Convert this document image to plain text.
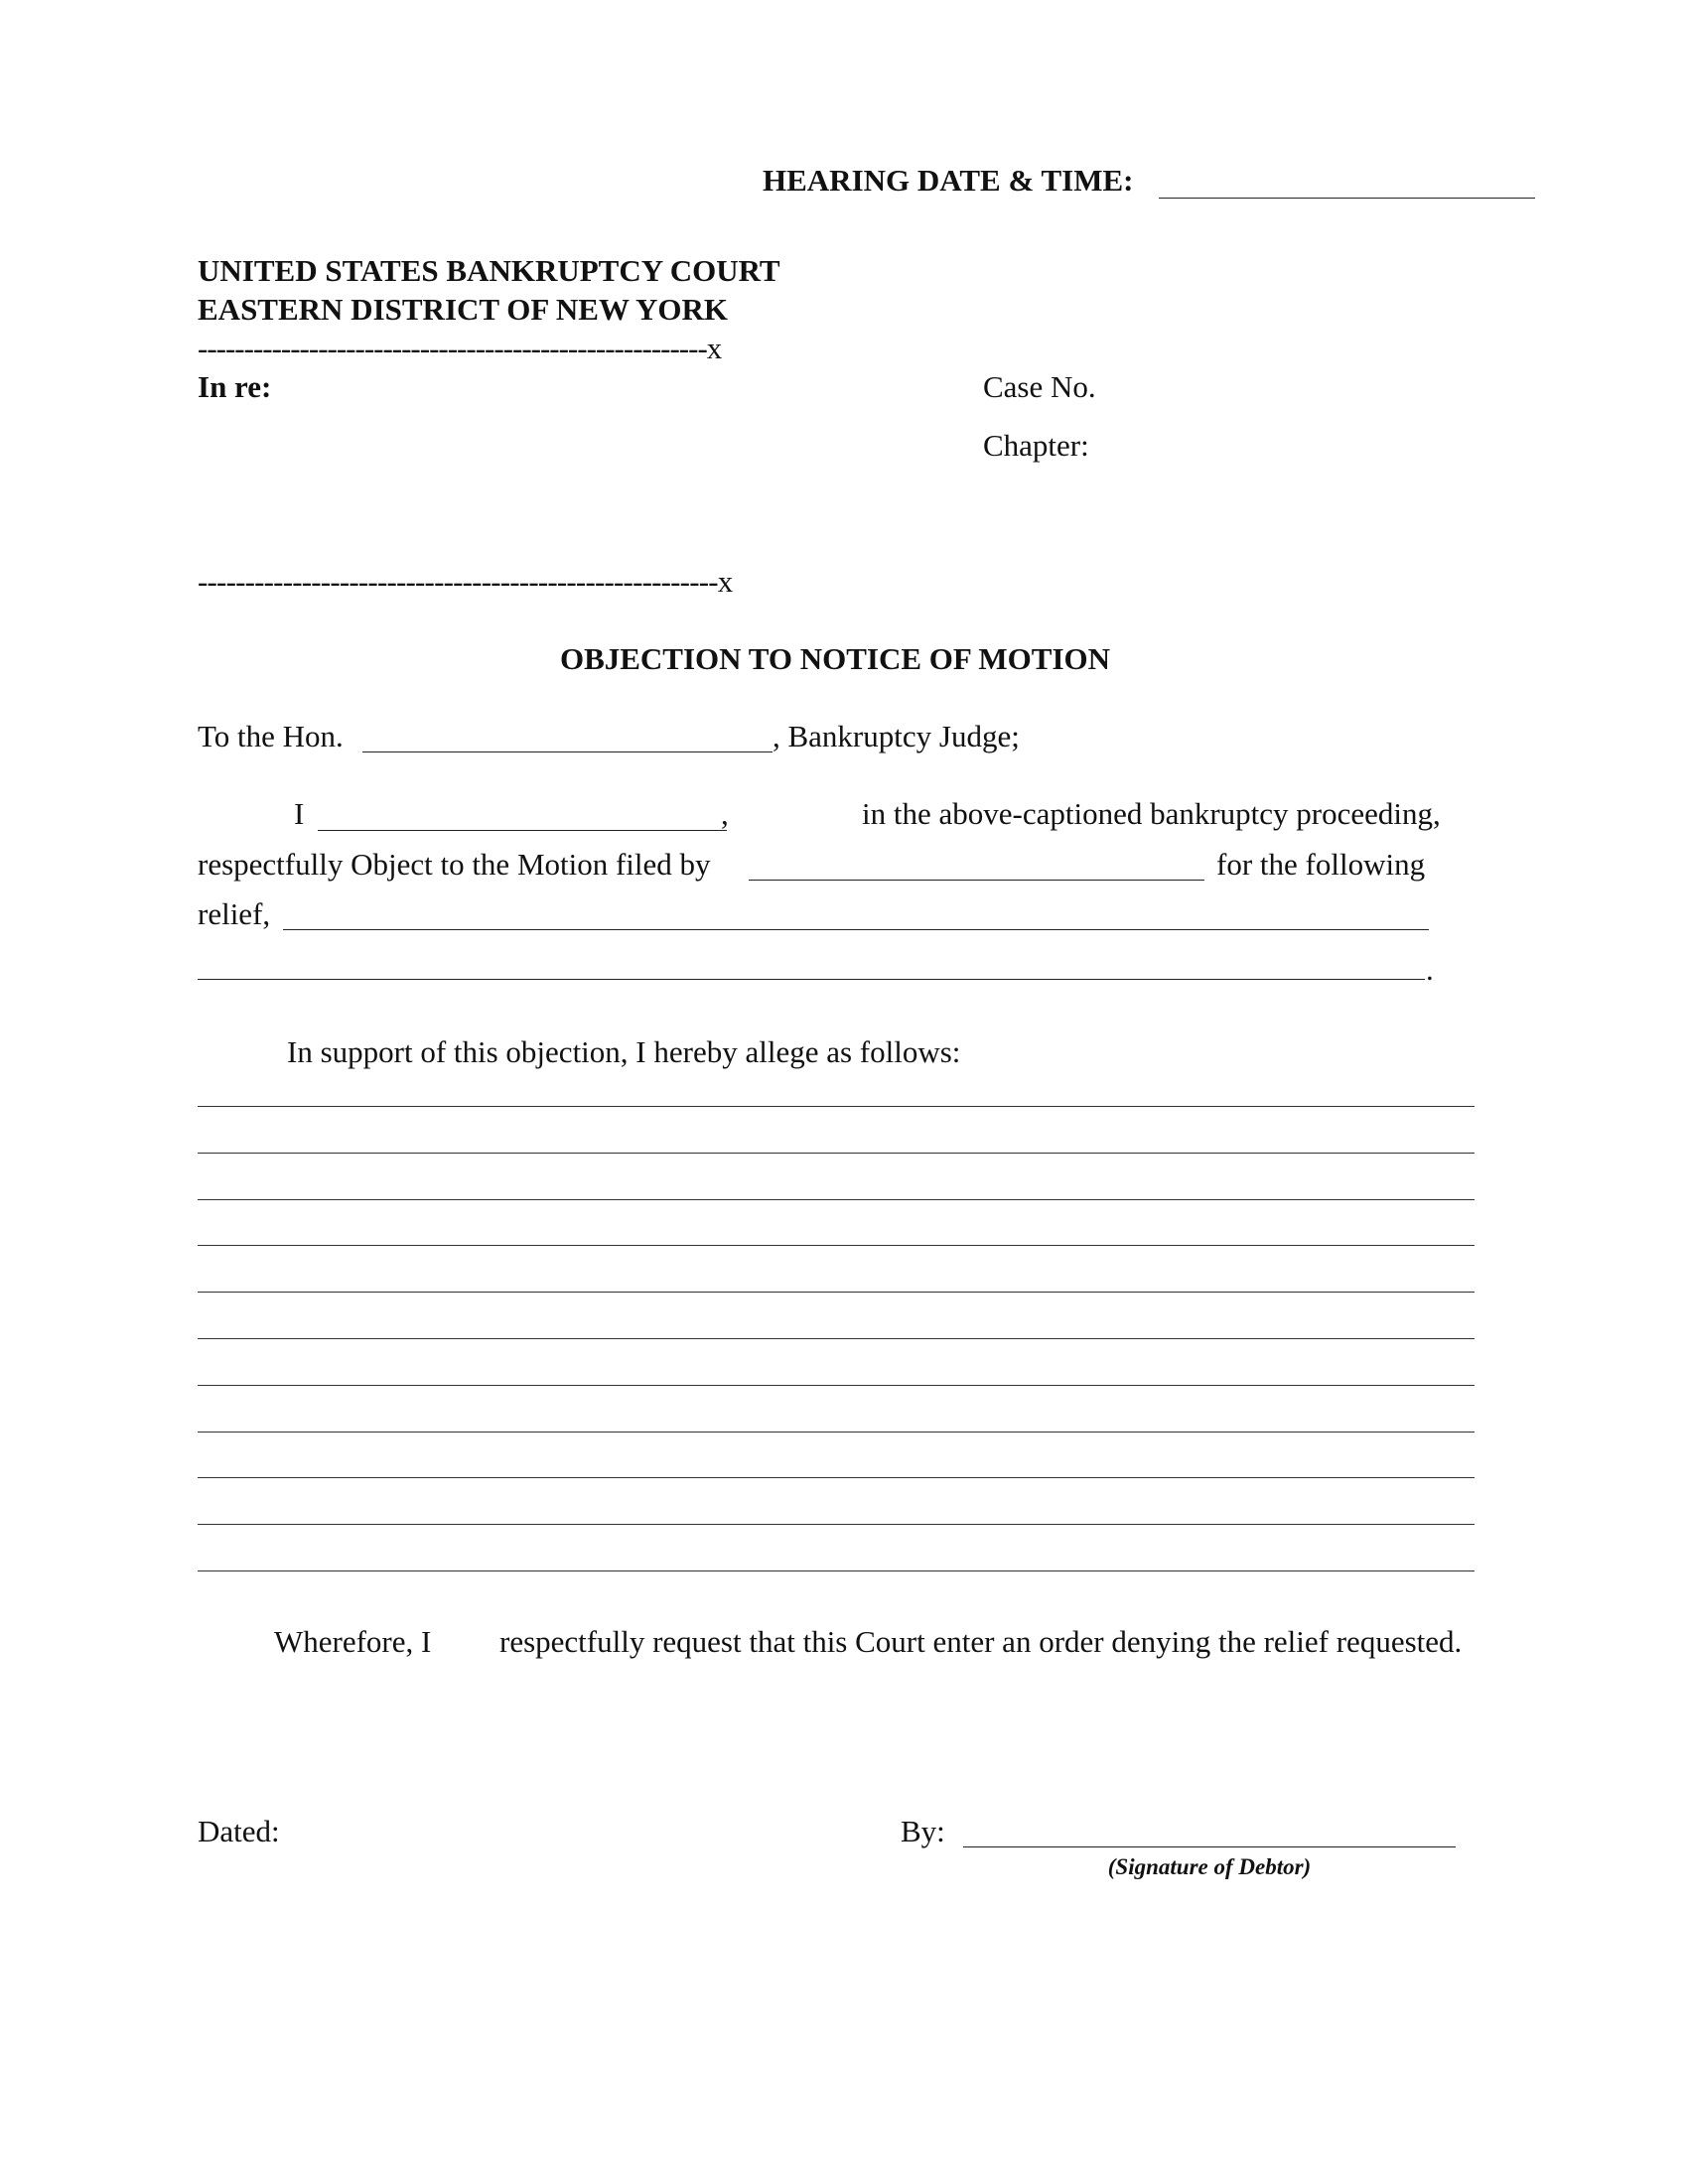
HEARING DATE & TIME:
UNITED STATES BANKRUPTCY COURT
EASTERN DISTRICT OF NEW YORK
-------------------------------------------------------x
In re:	Case No.
Chapter:
-------------------------------------------------------x
OBJECTION TO NOTICE OF MOTION
To the Hon.	, Bankruptcy Judge;
I	,	in the above-captioned bankruptcy proceeding,
respectfully Object to the Motion filed by	for the following
relief,
.
In support of this objection, I hereby allege as follows:
Wherefore, I respectfully request that this Court enter an order denying the relief requested.
Dated:	By:
(Signature of Debtor)
